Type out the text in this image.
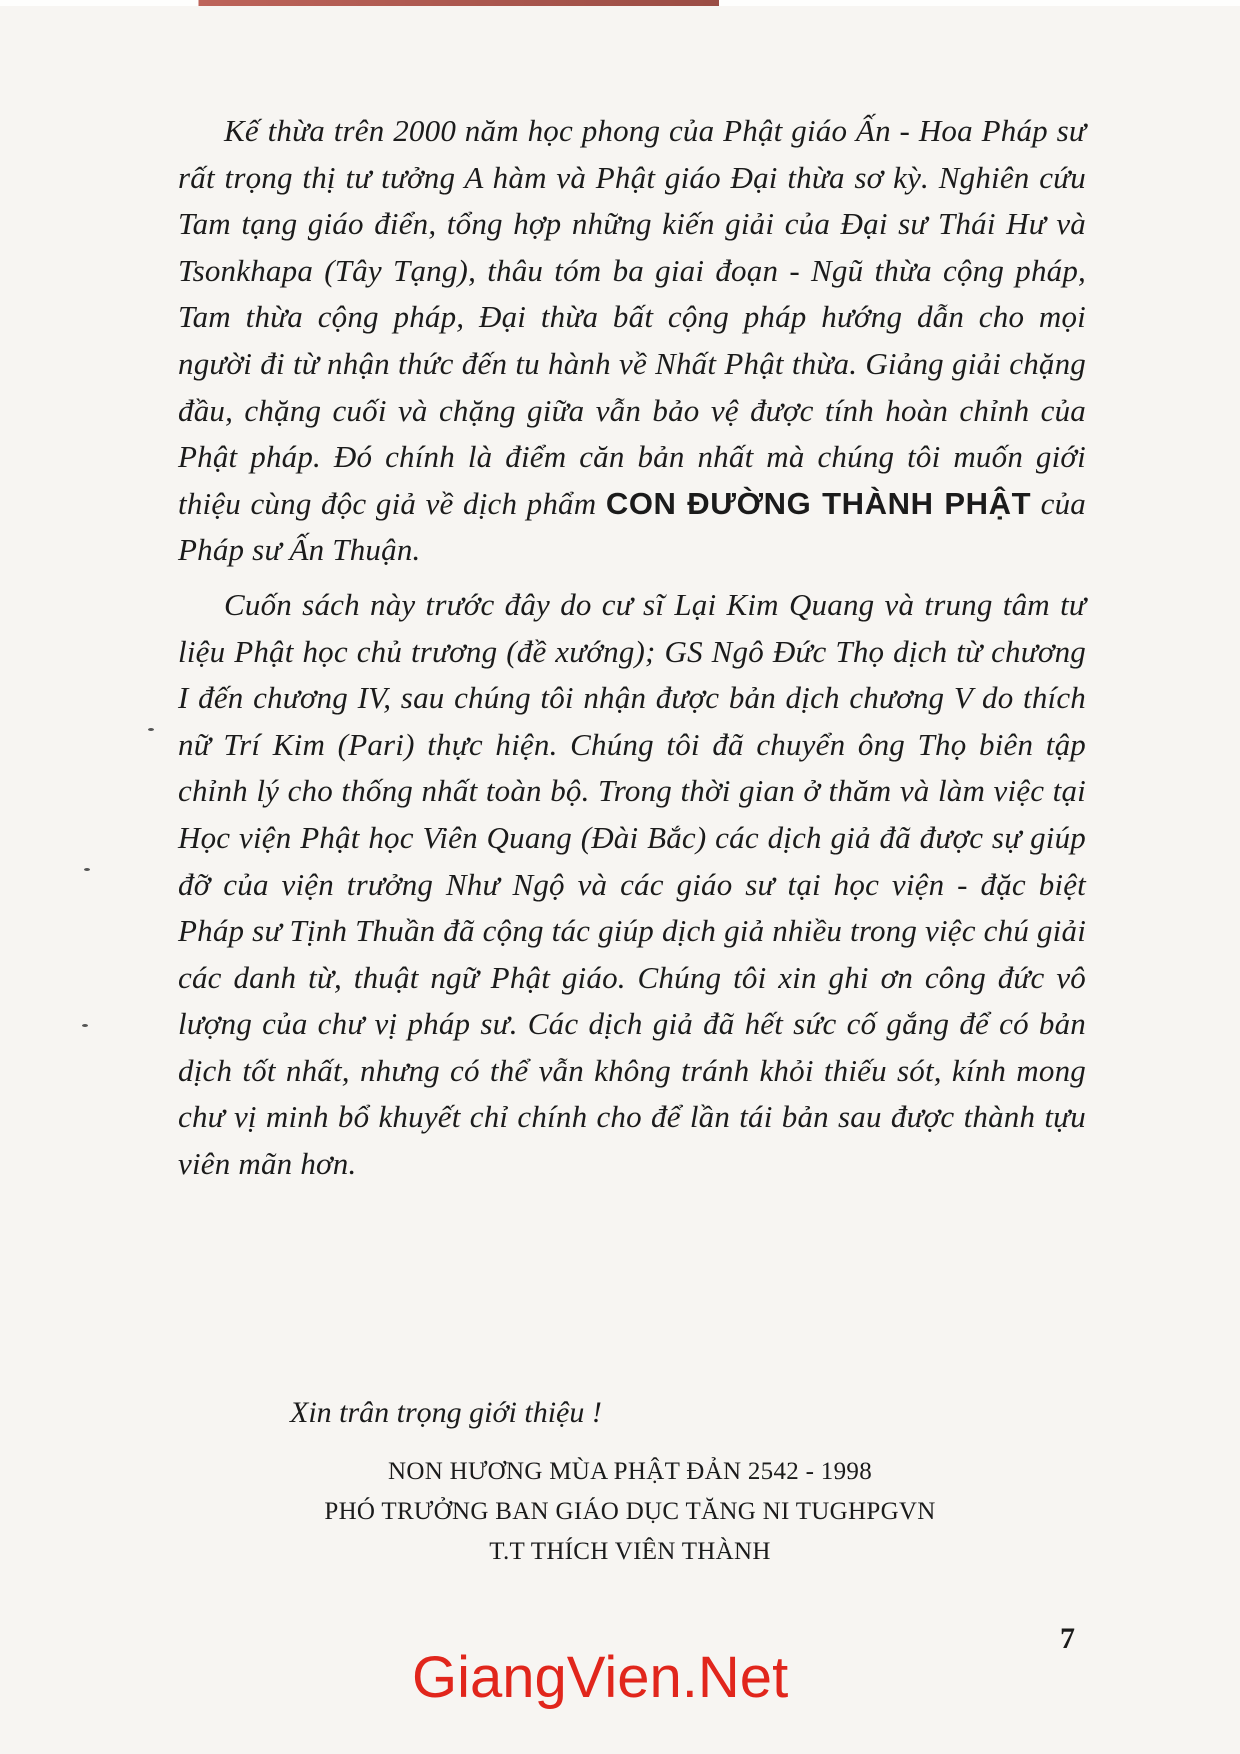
Kế thừa trên 2000 năm học phong của Phật giáo Ấn - Hoa Pháp sư rất trọng thị tư tưởng A hàm và Phật giáo Đại thừa sơ kỳ. Nghiên cứu Tam tạng giáo điển, tổng hợp những kiến giải của Đại sư Thái Hư và Tsonkhapa (Tây Tạng), thâu tóm ba giai đoạn - Ngũ thừa cộng pháp, Tam thừa cộng pháp, Đại thừa bất cộng pháp hướng dẫn cho mọi người đi từ nhận thức đến tu hành về Nhất Phật thừa. Giảng giải chặng đầu, chặng cuối và chặng giữa vẫn bảo vệ được tính hoàn chỉnh của Phật pháp. Đó chính là điểm căn bản nhất mà chúng tôi muốn giới thiệu cùng độc giả về dịch phẩm CON ĐƯỜNG THÀNH PHẬT của Pháp sư Ấn Thuận.

Cuốn sách này trước đây do cư sĩ Lại Kim Quang và trung tâm tư liệu Phật học chủ trương (đề xướng); GS Ngô Đức Thọ dịch từ chương I đến chương IV, sau chúng tôi nhận được bản dịch chương V do thích nữ Trí Kim (Pari) thực hiện. Chúng tôi đã chuyển ông Thọ biên tập chỉnh lý cho thống nhất toàn bộ. Trong thời gian ở thăm và làm việc tại Học viện Phật học Viên Quang (Đài Bắc) các dịch giả đã được sự giúp đỡ của viện trưởng Như Ngộ và các giáo sư tại học viện - đặc biệt Pháp sư Tịnh Thuần đã cộng tác giúp dịch giả nhiều trong việc chú giải các danh từ, thuật ngữ Phật giáo. Chúng tôi xin ghi ơn công đức vô lượng của chư vị pháp sư. Các dịch giả đã hết sức cố gắng để có bản dịch tốt nhất, nhưng có thể vẫn không tránh khỏi thiếu sót, kính mong chư vị minh bổ khuyết chỉ chính cho để lần tái bản sau được thành tựu viên mãn hơn.

Xin trân trọng giới thiệu !
NON HƯƠNG MÙA PHẬT ĐẢN 2542 - 1998
PHÓ TRƯỞNG BAN GIÁO DỤC TĂNG NI TUGHPGVN
T.T THÍCH VIÊN THÀNH
7
GiangVien.Net
